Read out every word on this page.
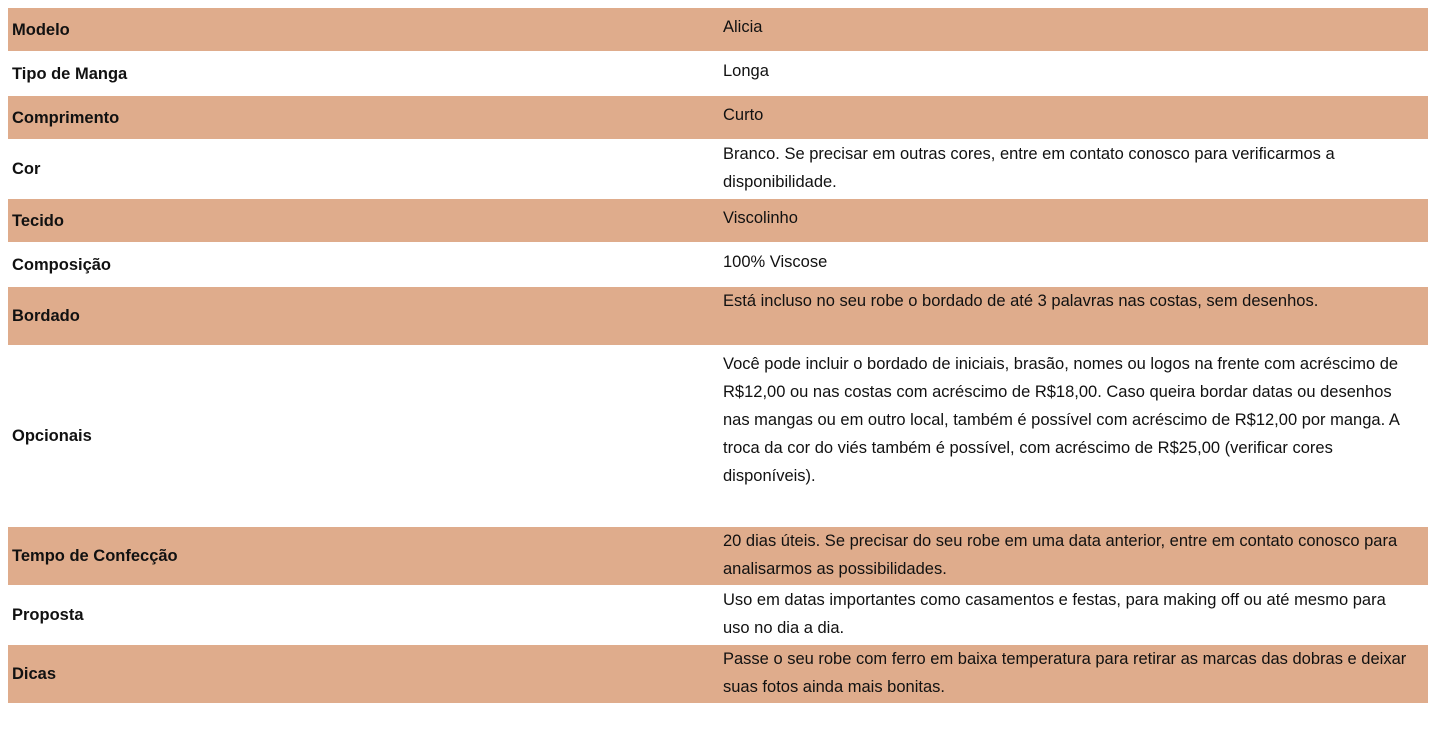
Modelo	Alicia
Tipo de Manga	Longa
Comprimento	Curto
Cor	Branco. Se precisar em outras cores, entre em contato conosco para verificarmos a disponibilidade.
Tecido	Viscolinho
Composição	100% Viscose
Bordado	Está incluso no seu robe o bordado de até 3 palavras nas costas, sem desenhos.
Opcionais	Você pode incluir o bordado de iniciais, brasão, nomes ou logos na frente com acréscimo de R$12,00 ou nas costas com acréscimo de R$18,00. Caso queira bordar datas ou desenhos nas mangas ou em outro local, também é possível com acréscimo de R$12,00 por manga. A troca da cor do viés também é possível, com acréscimo de R$25,00 (verificar cores disponíveis).
Tempo de Confecção	20 dias úteis. Se precisar do seu robe em uma data anterior, entre em contato conosco para analisarmos as possibilidades.
Proposta	Uso em datas importantes como casamentos e festas, para making off ou até mesmo para uso no dia a dia.
Dicas	Passe o seu robe com ferro em baixa temperatura para retirar as marcas das dobras e deixar suas fotos ainda mais bonitas.
